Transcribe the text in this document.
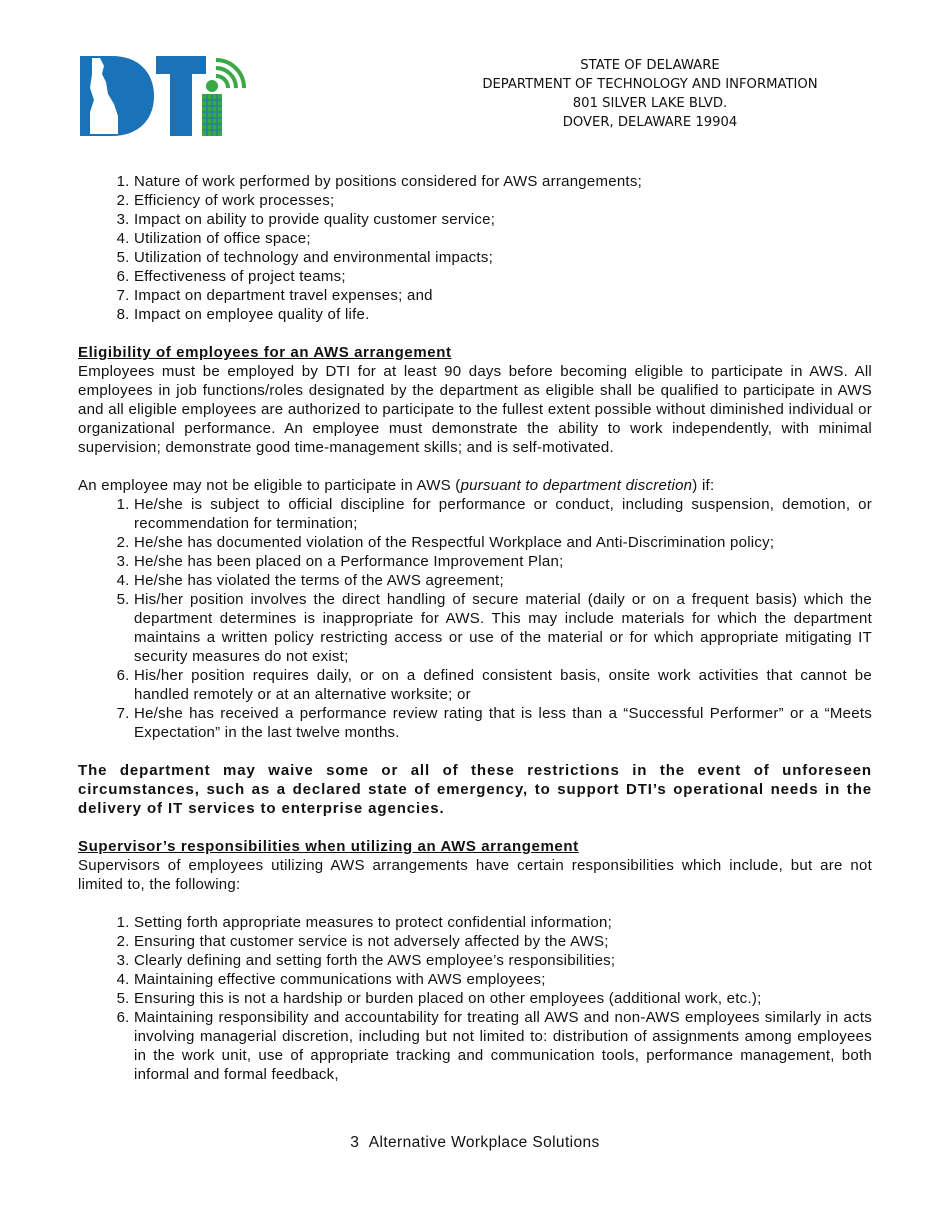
STATE OF DELAWARE
DEPARTMENT OF TECHNOLOGY AND INFORMATION
801 SILVER LAKE BLVD.
DOVER, DELAWARE 19904
1. Nature of work performed by positions considered for AWS arrangements;
2. Efficiency of work processes;
3. Impact on ability to provide quality customer service;
4. Utilization of office space;
5. Utilization of technology and environmental impacts;
6. Effectiveness of project teams;
7. Impact on department travel expenses; and
8. Impact on employee quality of life.
Eligibility of employees for an AWS arrangement

Employees must be employed by DTI for at least 90 days before becoming eligible to participate in AWS. All employees in job functions/roles designated by the department as eligible shall be qualified to participate in AWS and all eligible employees are authorized to participate to the fullest extent possible without diminished individual or organizational performance. An employee must demonstrate the ability to work independently, with minimal supervision; demonstrate good time-management skills; and is self-motivated.

An employee may not be eligible to participate in AWS (pursuant to department discretion) if:

1. He/she is subject to official discipline for performance or conduct, including suspension, demotion, or recommendation for termination;
2. He/she has documented violation of the Respectful Workplace and Anti-Discrimination policy;
3. He/she has been placed on a Performance Improvement Plan;
4. He/she has violated the terms of the AWS agreement;
5. His/her position involves the direct handling of secure material (daily or on a frequent basis) which the department determines is inappropriate for AWS. This may include materials for which the department maintains a written policy restricting access or use of the material or for which appropriate mitigating IT security measures do not exist;
6. His/her position requires daily, or on a defined consistent basis, onsite work activities that cannot be handled remotely or at an alternative worksite; or
7. He/she has received a performance review rating that is less than a “Successful Performer” or a “Meets Expectation” in the last twelve months.

The department may waive some or all of these restrictions in the event of unforeseen circumstances, such as a declared state of emergency, to support DTI’s operational needs in the delivery of IT services to enterprise agencies.

Supervisor’s responsibilities when utilizing an AWS arrangement

Supervisors of employees utilizing AWS arrangements have certain responsibilities which include, but are not limited to, the following:

1. Setting forth appropriate measures to protect confidential information;
2. Ensuring that customer service is not adversely affected by the AWS;
3. Clearly defining and setting forth the AWS employee’s responsibilities;
4. Maintaining effective communications with AWS employees;
5. Ensuring this is not a hardship or burden placed on other employees (additional work, etc.);
6. Maintaining responsibility and accountability for treating all AWS and non-AWS employees similarly in acts involving managerial discretion, including but not limited to: distribution of assignments among employees in the work unit, use of appropriate tracking and communication tools, performance management, both informal and formal feedback,
3 Alternative Workplace Solutions
